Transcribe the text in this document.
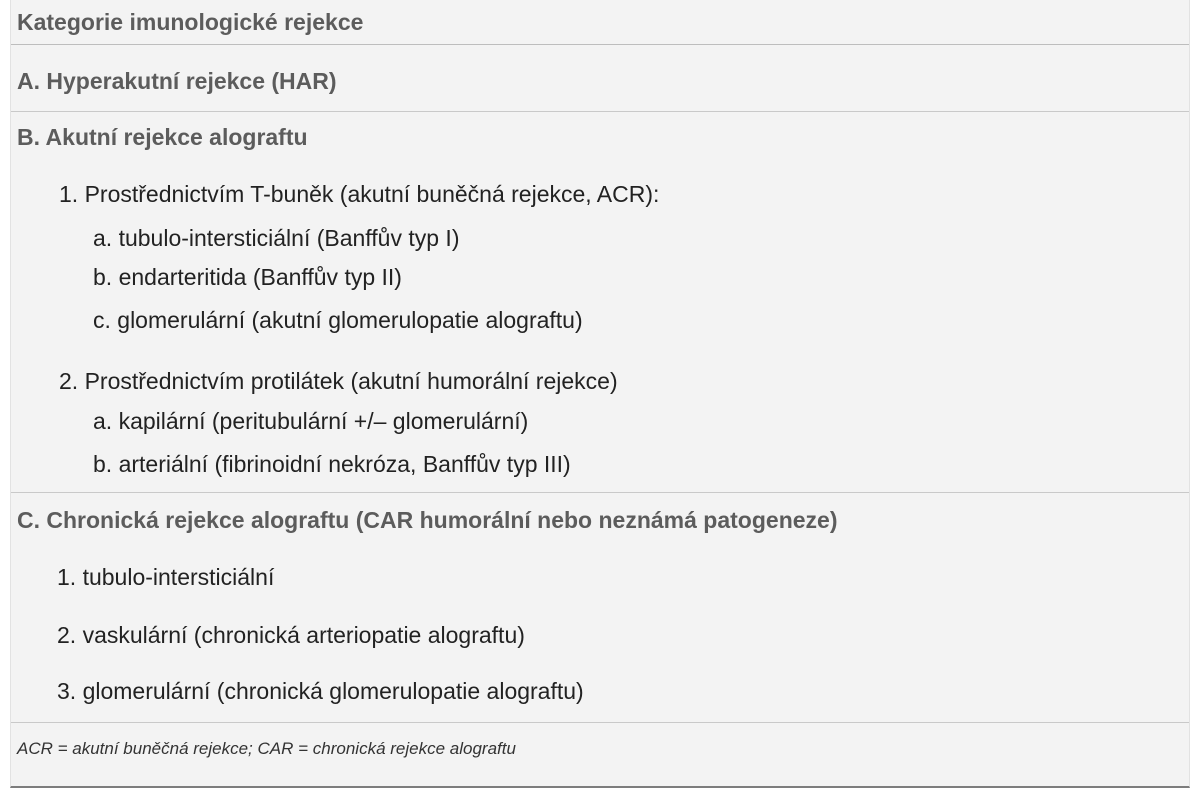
Kategorie imunologické rejekce
A. Hyperakutní rejekce (HAR)
B. Akutní rejekce alograftu
1. Prostřednictvím T-buněk (akutní buněčná rejekce, ACR):
a. tubulo-intersticiální (Banffův typ I)
b. endarteritida (Banffův typ II)
c. glomerulární (akutní glomerulopatie alograftu)
2. Prostřednictvím protilátek (akutní humorální rejekce)
a. kapilární (peritubulární +/– glomerulární)
b. arteriální (fibrinoidní nekróza, Banffův typ III)
C. Chronická rejekce alograftu (CAR humorální nebo neznámá patogeneze)
1. tubulo-intersticiální
2. vaskulární (chronická arteriopatie alograftu)
3. glomerulární (chronická glomerulopatie alograftu)
ACR = akutní buněčná rejekce; CAR = chronická rejekce alograftu
